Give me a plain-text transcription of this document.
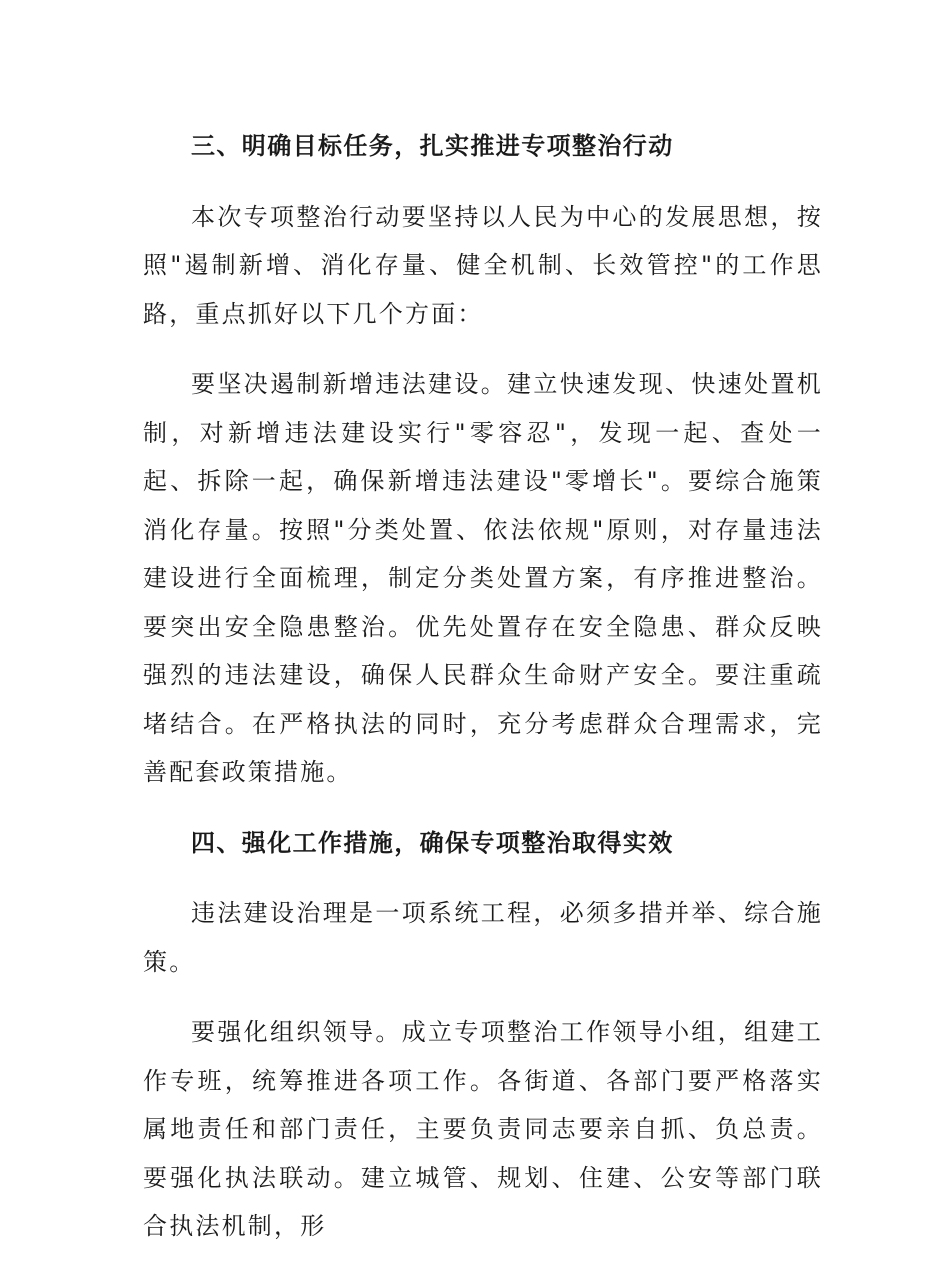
三、明确目标任务，扎实推进专项整治行动

本次专项整治行动要坚持以人民为中心的发展思想，按照"遏制新增、消化存量、健全机制、长效管控"的工作思路，重点抓好以下几个方面：

要坚决遏制新增违法建设。建立快速发现、快速处置机制，对新增违法建设实行"零容忍"，发现一起、查处一起、拆除一起，确保新增违法建设"零增长"。要综合施策消化存量。按照"分类处置、依法依规"原则，对存量违法建设进行全面梳理，制定分类处置方案，有序推进整治。要突出安全隐患整治。优先处置存在安全隐患、群众反映强烈的违法建设，确保人民群众生命财产安全。要注重疏堵结合。在严格执法的同时，充分考虑群众合理需求，完善配套政策措施。

四、强化工作措施，确保专项整治取得实效

违法建设治理是一项系统工程，必须多措并举、综合施策。

要强化组织领导。成立专项整治工作领导小组，组建工作专班，统筹推进各项工作。各街道、各部门要严格落实属地责任和部门责任，主要负责同志要亲自抓、负总责。要强化执法联动。建立城管、规划、住建、公安等部门联合执法机制，形
